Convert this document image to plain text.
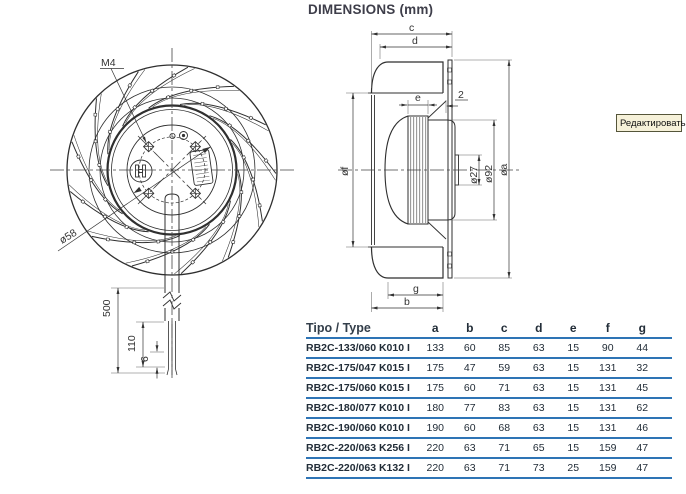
DIMENSIONS (mm)
M4
ø58
500
110
6
c
d
e	2
øf	øa
ø92
ø27
g
b
Tipo / Type	a	b	c	d	e	f	g
RB2C-133/060 K010 I	133	60	85	63	15	90	44
RB2C-175/047 K015 I	175	47	59	63	15	131	32
RB2C-175/060 K015 I	175	60	71	63	15	131	45
RB2C-180/077 K010 I	180	77	83	63	15	131	62
RB2C-190/060 K010 I	190	60	68	63	15	131	46
RB2C-220/063 K256 I	220	63	71	65	15	159	47
RB2C-220/063 K132 I	220	63	71	73	25	159	47
Редактировать
